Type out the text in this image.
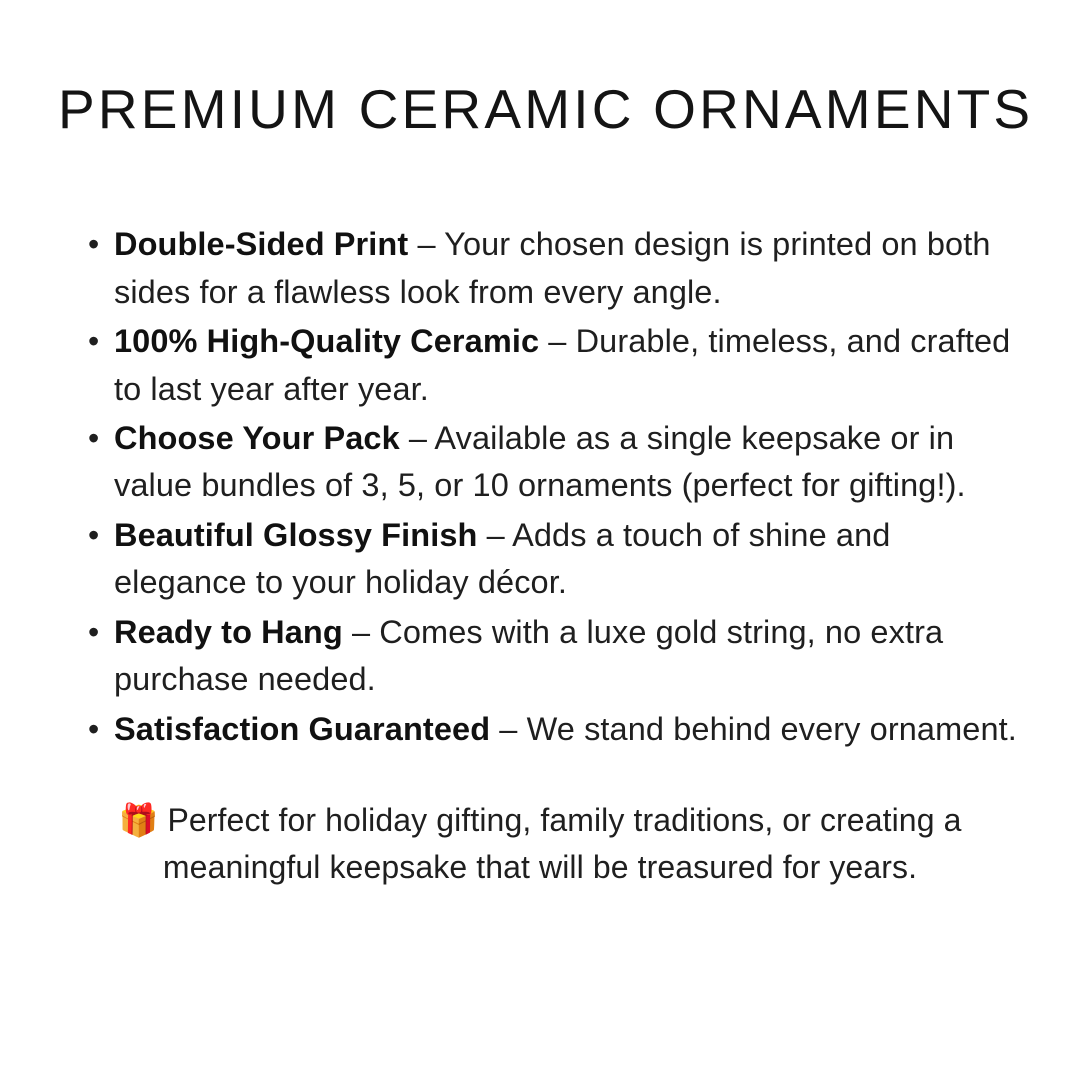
PREMIUM CERAMIC ORNAMENTS
• Double-Sided Print – Your chosen design is printed on both sides for a flawless look from every angle.
• 100% High-Quality Ceramic – Durable, timeless, and crafted to last year after year.
• Choose Your Pack – Available as a single keepsake or in value bundles of 3, 5, or 10 ornaments (perfect for gifting!).
• Beautiful Glossy Finish – Adds a touch of shine and elegance to your holiday décor.
• Ready to Hang – Comes with a luxe gold string, no extra purchase needed.
• Satisfaction Guaranteed – We stand behind every ornament.

🎁 Perfect for holiday gifting, family traditions, or creating a meaningful keepsake that will be treasured for years.
